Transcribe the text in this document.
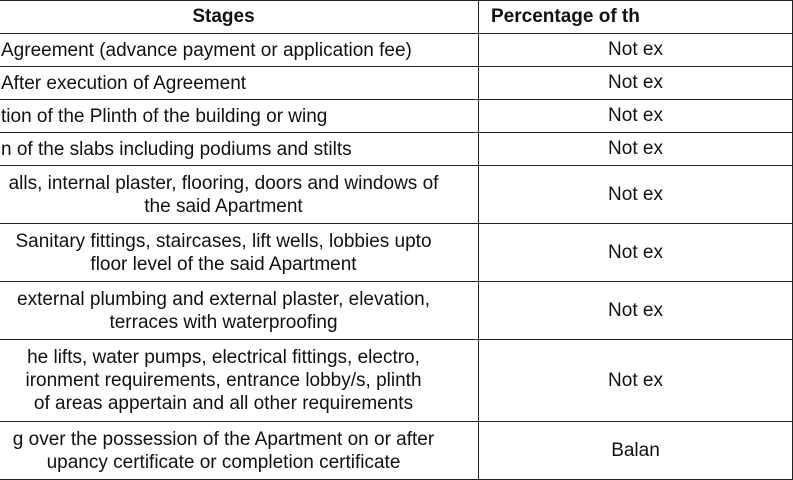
Stages	Percentage of th
Agreement (advance payment or application fee)	Not ex
After execution of Agreement	Not ex
tion of the Plinth of the building or wing	Not ex
n of the slabs including podiums and stilts	Not ex

alls, internal plaster, flooring, doors and windows of
the said Apartment	Not ex

Sanitary fittings, staircases, lift wells, lobbies upto
floor level of the said Apartment	Not ex

external plumbing and external plaster, elevation,
terraces with waterproofing	Not ex

he lifts, water pumps, electrical fittings, electro,
ironment requirements, entrance lobby/s, plinth
of areas appertain and all other requirements	Not ex

g over the possession of the Apartment on or after
upancy certificate or completion certificate	Balan
